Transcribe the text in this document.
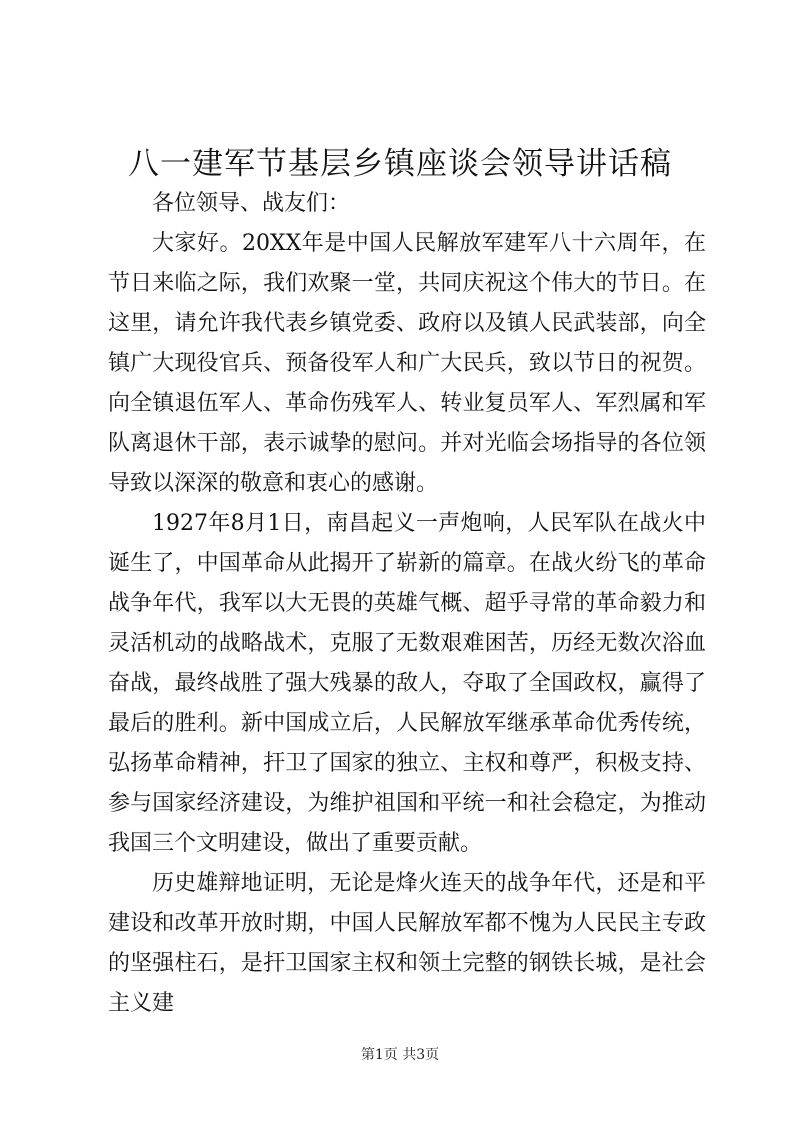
八一建军节基层乡镇座谈会领导讲话稿

各位领导、战友们：

大家好。20XX年是中国人民解放军建军八十六周年，在节日来临之际，我们欢聚一堂，共同庆祝这个伟大的节日。在这里，请允许我代表乡镇党委、政府以及镇人民武装部，向全镇广大现役官兵、预备役军人和广大民兵，致以节日的祝贺。向全镇退伍军人、革命伤残军人、转业复员军人、军烈属和军队离退休干部，表示诚挚的慰问。并对光临会场指导的各位领导致以深深的敬意和衷心的感谢。

1927年8月1日，南昌起义一声炮响，人民军队在战火中诞生了，中国革命从此揭开了崭新的篇章。在战火纷飞的革命战争年代，我军以大无畏的英雄气概、超乎寻常的革命毅力和灵活机动的战略战术，克服了无数艰难困苦，历经无数次浴血奋战，最终战胜了强大残暴的敌人，夺取了全国政权，赢得了最后的胜利。新中国成立后，人民解放军继承革命优秀传统，弘扬革命精神，扞卫了国家的独立、主权和尊严，积极支持、参与国家经济建设，为维护祖国和平统一和社会稳定，为推动我国三个文明建设，做出了重要贡献。

历史雄辩地证明，无论是烽火连天的战争年代，还是和平建设和改革开放时期，中国人民解放军都不愧为人民民主专政的坚强柱石，是扞卫国家主权和领土完整的钢铁长城，是社会主义建

第1页 共3页
